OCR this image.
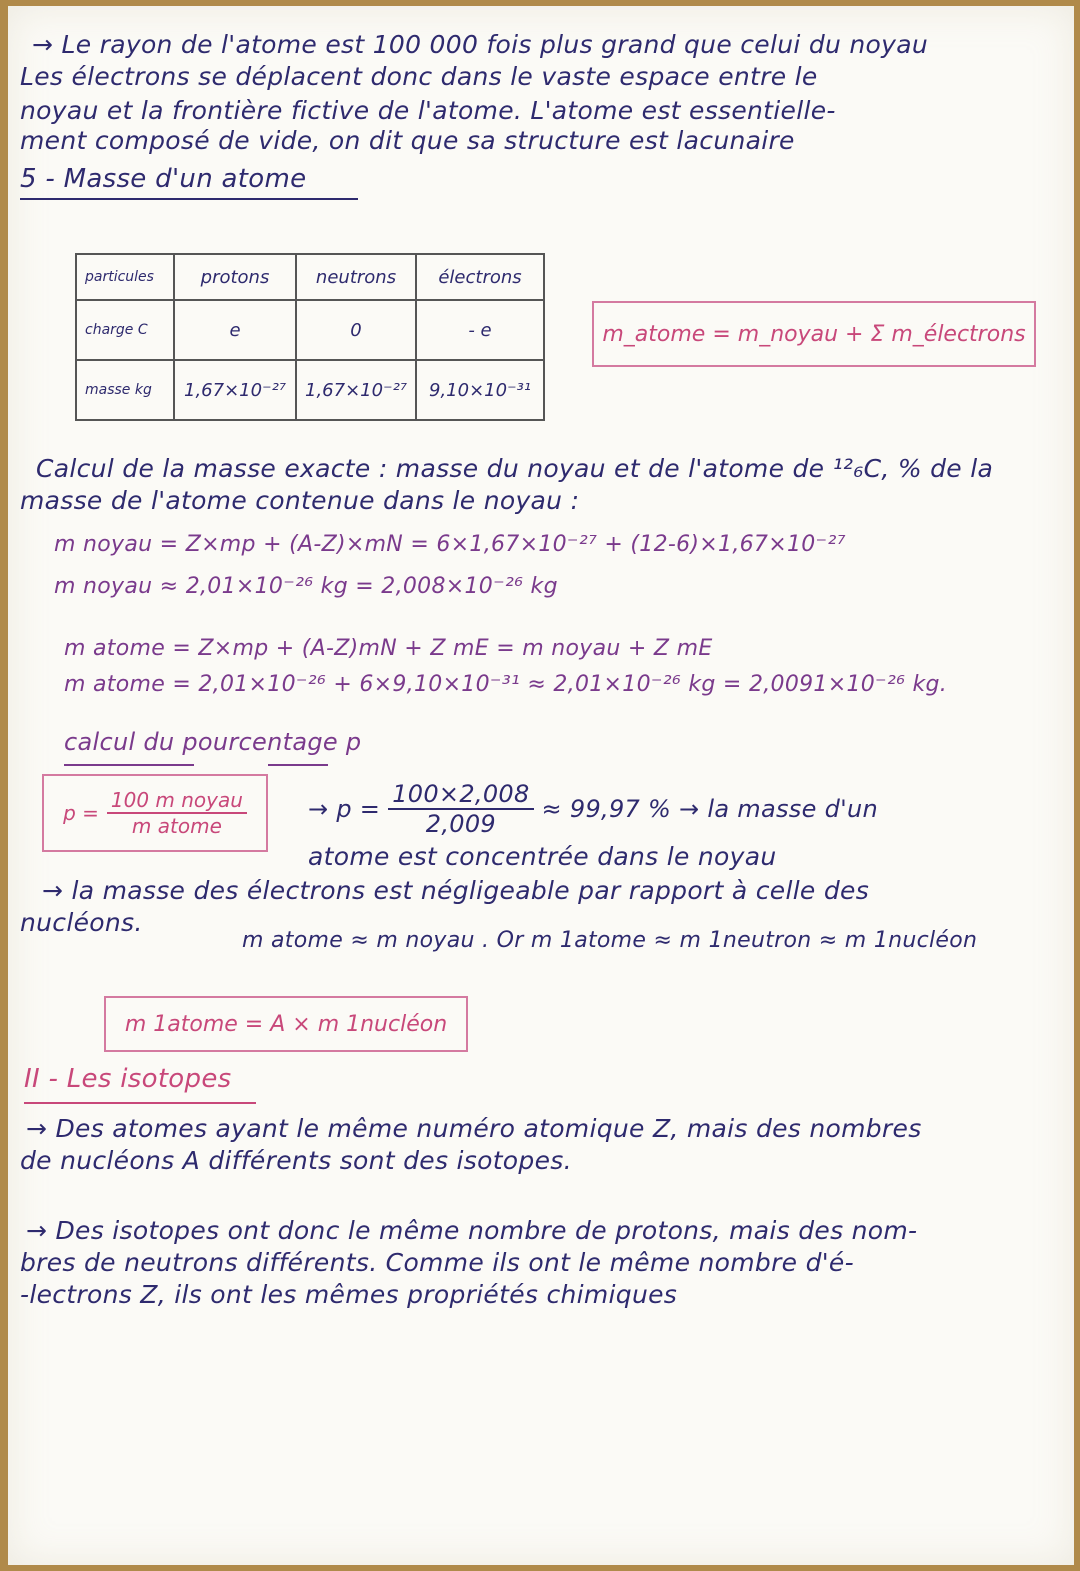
→ Le rayon de l'atome est 100 000 fois plus grand que celui du noyau
Les électrons se déplacent donc dans le vaste espace entre le
noyau et la frontière fictive de l'atome. L'atome est essentielle-
ment composé de vide, on dit que sa structure est lacunaire
5 - Masse d'un atome
particules	protons	neutrons	électrons
charge C	e	0	- e
masse kg	1,67×10⁻²⁷	1,67×10⁻²⁷	9,10×10⁻³¹
m_atome = m_noyau + Σ m_électrons
Calcul de la masse exacte : masse du noyau et de l'atome de ¹²₆C, % de la
masse de l'atome contenue dans le noyau :
m noyau = Z×mp + (A-Z)×mN = 6×1,67×10⁻²⁷ + (12-6)×1,67×10⁻²⁷
m noyau ≈ 2,01×10⁻²⁶ kg = 2,008×10⁻²⁶ kg
m atome = Z×mp + (A-Z)mN + Z mE = m noyau + Z mE
m atome = 2,01×10⁻²⁶ + 6×9,10×10⁻³¹ ≈ 2,01×10⁻²⁶ kg = 2,0091×10⁻²⁶ kg.
calcul du pourcentage p
$p = \frac{\text{100 m noyau}}{\text{m atome}}$	→ $p = \frac{100\times 2,008}{2,009} \approx 99,97$ % → la masse d'un
atome est concentrée dans le noyau
→ la masse des électrons est négligeable par rapport à celle des
nucléons.
m atome ≈ m noyau . Or m 1atome ≈ m 1neutron ≈ m 1nucléon
m 1atome = A × m 1nucléon
II - Les isotopes
→ Des atomes ayant le même numéro atomique Z, mais des nombres
de nucléons A différents sont des isotopes.
→ Des isotopes ont donc le même nombre de protons, mais des nom-
bres de neutrons différents. Comme ils ont le même nombre d'é-
-lectrons Z, ils ont les mêmes propriétés chimiques
